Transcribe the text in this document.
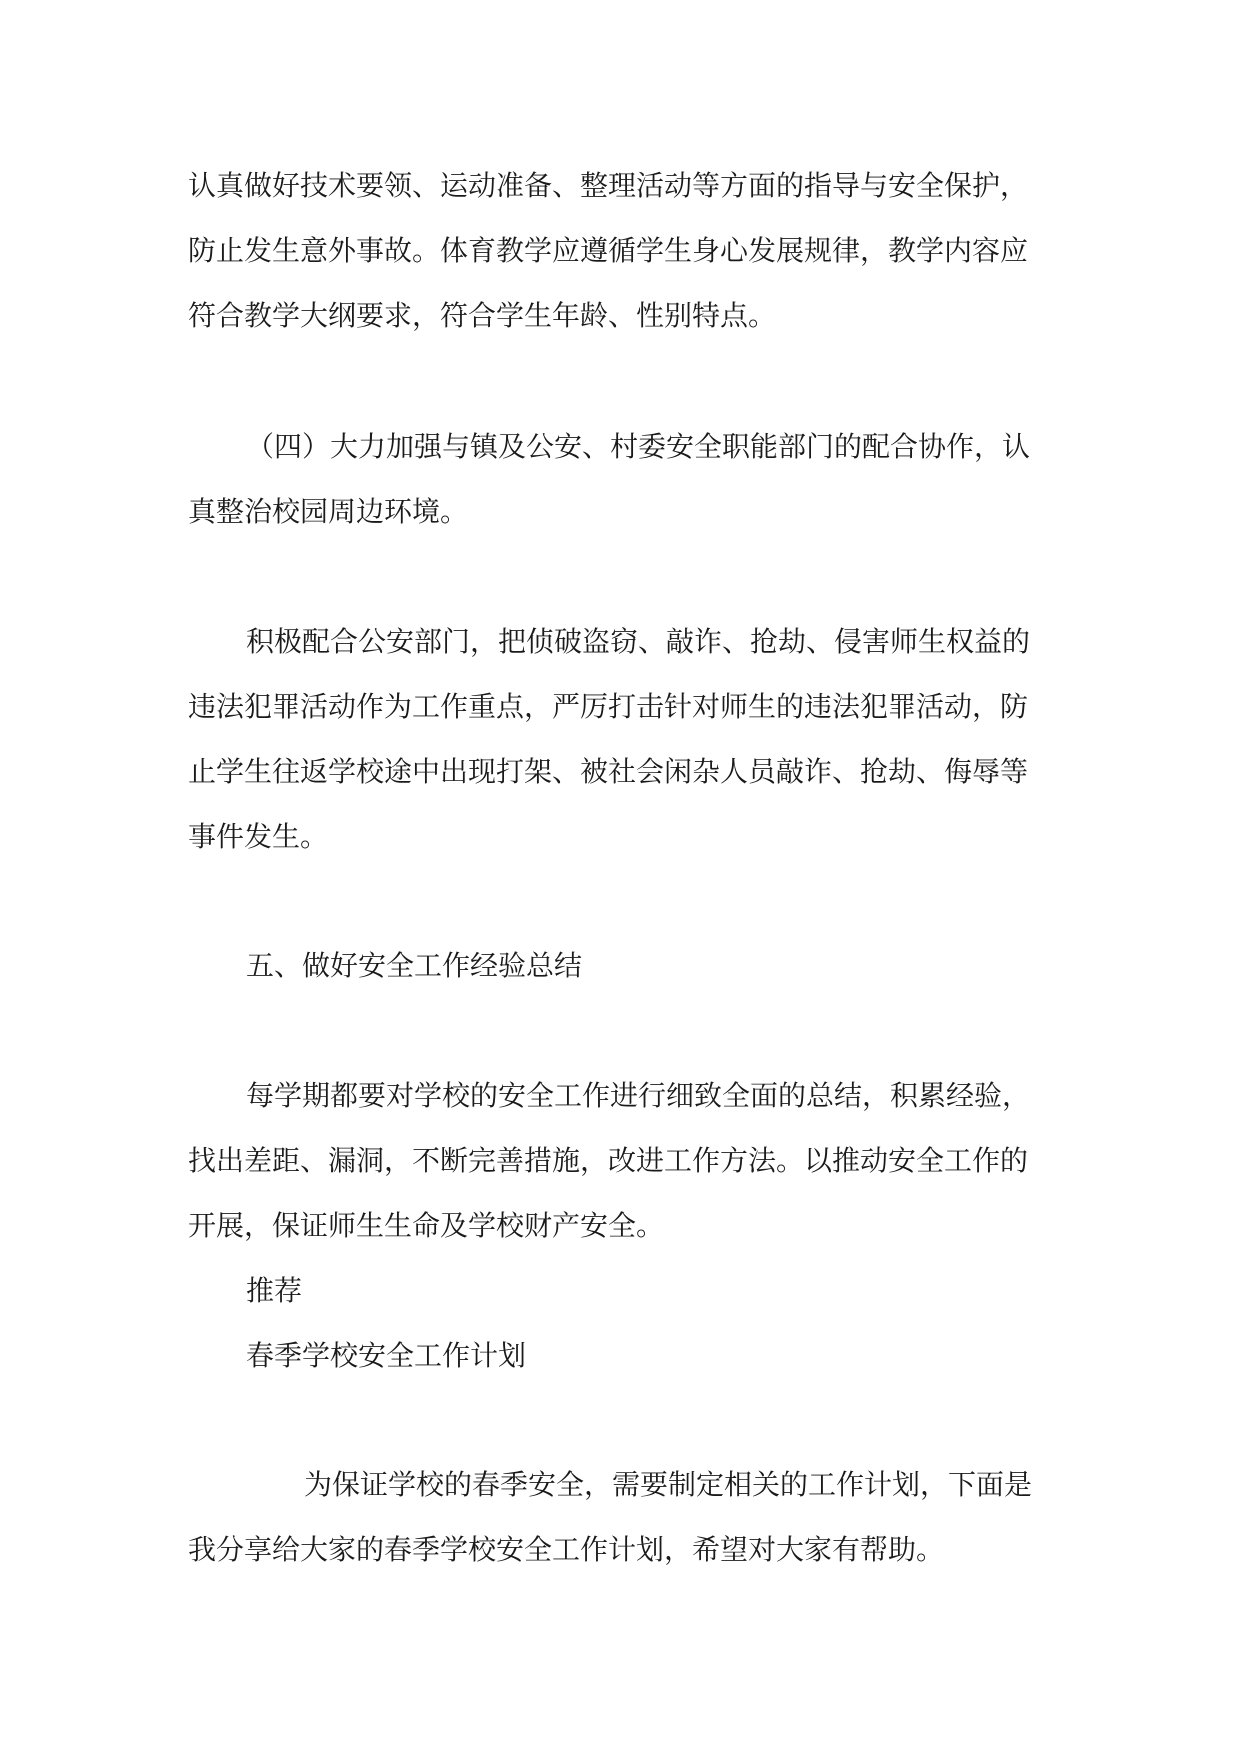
认真做好技术要领、运动准备、整理活动等方面的指导与安全保护，
防止发生意外事故。体育教学应遵循学生身心发展规律，教学内容应
符合教学大纲要求，符合学生年龄、性别特点。
（四）大力加强与镇及公安、村委安全职能部门的配合协作，认
真整治校园周边环境。
积极配合公安部门，把侦破盗窃、敲诈、抢劫、侵害师生权益的
违法犯罪活动作为工作重点，严厉打击针对师生的违法犯罪活动，防
止学生往返学校途中出现打架、被社会闲杂人员敲诈、抢劫、侮辱等
事件发生。
五、做好安全工作经验总结
每学期都要对学校的安全工作进行细致全面的总结，积累经验，
找出差距、漏洞，不断完善措施，改进工作方法。以推动安全工作的
开展，保证师生生命及学校财产安全。
推荐
春季学校安全工作计划
为保证学校的春季安全，需要制定相关的工作计划，下面是
我分享给大家的春季学校安全工作计划，希望对大家有帮助。
